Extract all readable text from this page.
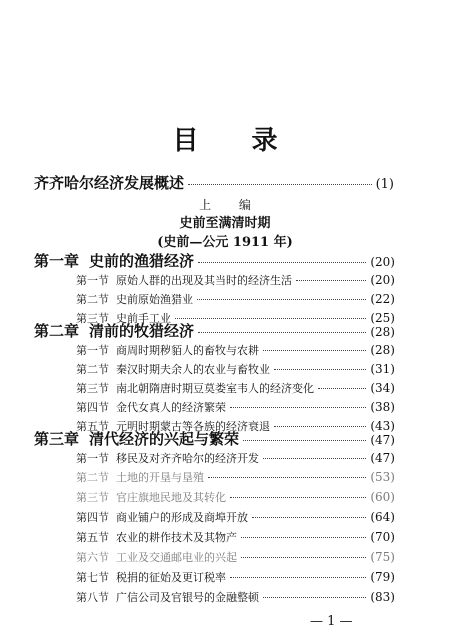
目 录
齐齐哈尔经济发展概述	(1)
上 编
史前至满清时期
(史前—公元 1911 年)
第一章 史前的渔猎经济	(20)
第一节 原始人群的出现及其当时的经济生活	(20)
第二节 史前原始渔猎业	(22)
第三节 史前手工业	(25)
第二章 清前的牧猎经济	(28)
第一节 商周时期秽貊人的畜牧与农耕	(28)
第二节 秦汉时期夫余人的农业与畜牧业	(31)
第三节 南北朝隋唐时期豆莫娄室韦人的经济变化	(34)
第四节 金代女真人的经济繁荣	(38)
第五节 元明时期蒙古等各族的经济衰退	(43)
第三章 清代经济的兴起与繁荣	(47)
第一节 移民及对齐齐哈尔的经济开发	(47)
第二节 土地的开垦与垦殖	(53)
第三节 官庄旗地民地及其转化	(60)
第四节 商业铺户的形成及商埠开放	(64)
第五节 农业的耕作技术及其物产	(70)
第六节 工业及交通邮电业的兴起	(75)
第七节 税捐的征始及更订税率	(79)
第八节 广信公司及官银号的金融整顿	(83)
— 1 —
